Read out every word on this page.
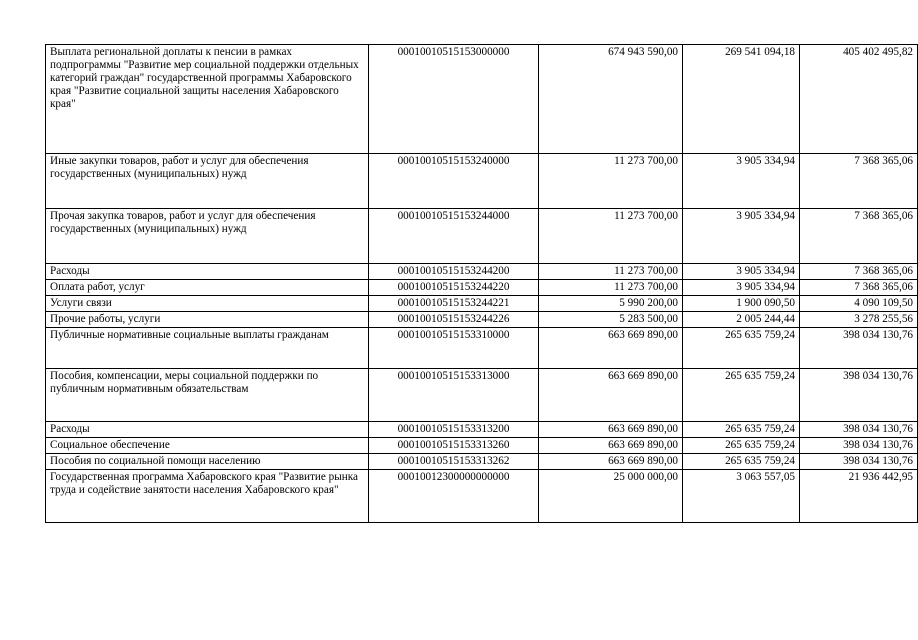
Выплата региональной доплаты к пенсии в рамках подпрограммы "Развитие мер социальной поддержки отдельных категорий граждан" государственной программы Хабаровского края "Развитие социальной защиты населения Хабаровского края"	00010010515153000000	674 943 590,00	269 541 094,18	405 402 495,82
Иные закупки товаров, работ и услуг для обеспечения государственных (муниципальных) нужд	00010010515153240000	11 273 700,00	3 905 334,94	7 368 365,06
Прочая закупка товаров, работ и услуг для обеспечения государственных (муниципальных) нужд	00010010515153244000	11 273 700,00	3 905 334,94	7 368 365,06
Расходы	00010010515153244200	11 273 700,00	3 905 334,94	7 368 365,06
Оплата работ, услуг	00010010515153244220	11 273 700,00	3 905 334,94	7 368 365,06
Услуги связи	00010010515153244221	5 990 200,00	1 900 090,50	4 090 109,50
Прочие работы, услуги	00010010515153244226	5 283 500,00	2 005 244,44	3 278 255,56
Публичные нормативные социальные выплаты гражданам	00010010515153310000	663 669 890,00	265 635 759,24	398 034 130,76
Пособия, компенсации, меры социальной поддержки по публичным нормативным обязательствам	00010010515153313000	663 669 890,00	265 635 759,24	398 034 130,76
Расходы	00010010515153313200	663 669 890,00	265 635 759,24	398 034 130,76
Социальное обеспечение	00010010515153313260	663 669 890,00	265 635 759,24	398 034 130,76
Пособия по социальной помощи населению	00010010515153313262	663 669 890,00	265 635 759,24	398 034 130,76
Государственная программа Хабаровского края "Развитие рынка труда и содействие занятости населения Хабаровского края"	00010012300000000000	25 000 000,00	3 063 557,05	21 936 442,95
